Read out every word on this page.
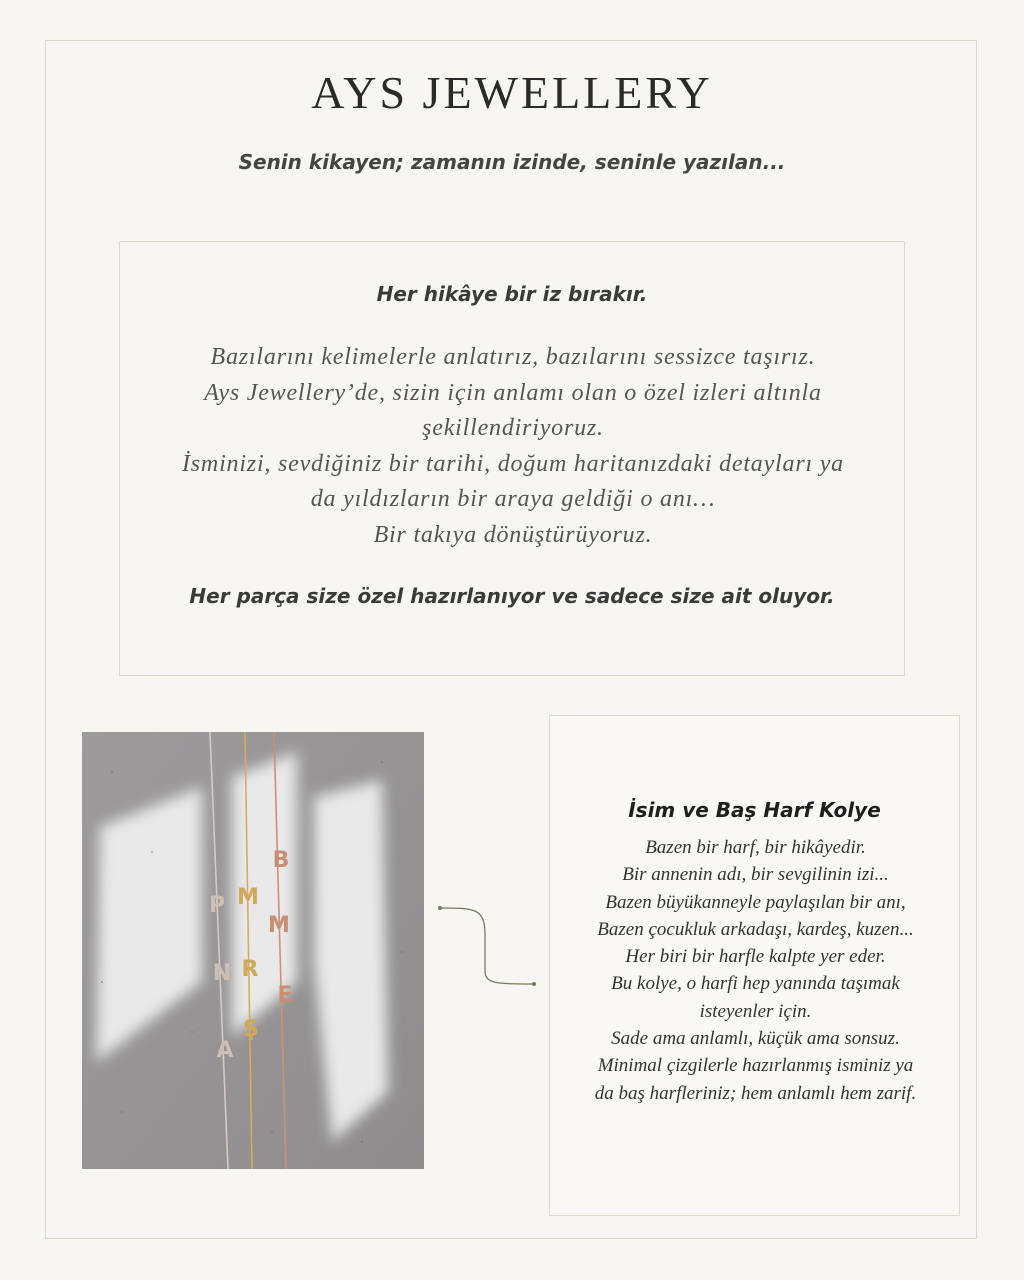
AYS JEWELLERY
Senin kikayen; zamanın izinde, seninle yazılan...
Her hikâye bir iz bırakır.
Bazılarını kelimelerle anlatırız, bazılarını sessizce taşırız.
Ays Jewellery’de, sizin için anlamı olan o özel izleri altınla
şekillendiriyoruz.
İsminizi, sevdiğiniz bir tarihi, doğum haritanızdaki detayları ya
da yıldızların bir araya geldiği o anı…
Bir takıya dönüştürüyoruz.
Her parça size özel hazırlanıyor ve sadece size ait oluyor.
P
N
A
M
R
Ş
B
M
E
İsim ve Baş Harf Kolye
Bazen bir harf, bir hikâyedir.
Bir annenin adı, bir sevgilinin izi...
Bazen büyükanneyle paylaşılan bir anı,
Bazen çocukluk arkadaşı, kardeş, kuzen...
Her biri bir harfle kalpte yer eder.
Bu kolye, o harfi hep yanında taşımak
isteyenler için.
Sade ama anlamlı, küçük ama sonsuz.
Minimal çizgilerle hazırlanmış isminiz ya
da baş harfleriniz; hem anlamlı hem zarif.
